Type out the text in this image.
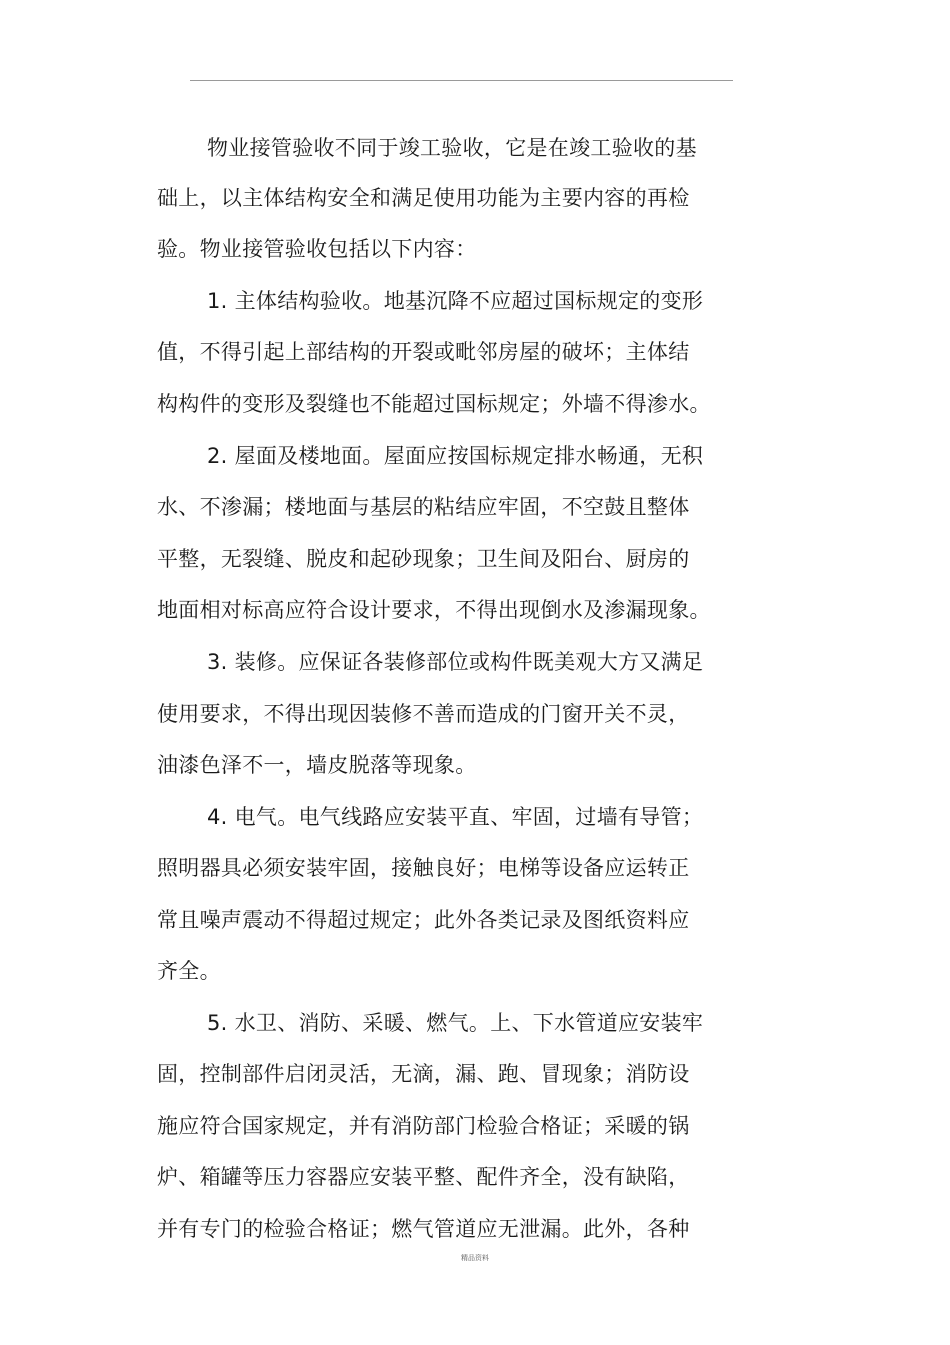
物业接管验收不同于竣工验收，它是在竣工验收的基
础上，以主体结构安全和满足使用功能为主要内容的再检
验。物业接管验收包括以下内容：
1. 主体结构验收。地基沉降不应超过国标规定的变形
值，不得引起上部结构的开裂或毗邻房屋的破坏；主体结
构构件的变形及裂缝也不能超过国标规定；外墙不得渗水。
2. 屋面及楼地面。屋面应按国标规定排水畅通，无积
水、不渗漏；楼地面与基层的粘结应牢固，不空鼓且整体
平整，无裂缝、脱皮和起砂现象；卫生间及阳台、厨房的
地面相对标高应符合设计要求，不得出现倒水及渗漏现象。
3. 装修。应保证各装修部位或构件既美观大方又满足
使用要求，不得出现因装修不善而造成的门窗开关不灵，
油漆色泽不一，墙皮脱落等现象。
4. 电气。电气线路应安装平直、牢固，过墙有导管；
照明器具必须安装牢固，接触良好；电梯等设备应运转正
常且噪声震动不得超过规定；此外各类记录及图纸资料应
齐全。
5. 水卫、消防、采暖、燃气。上、下水管道应安装牢
固，控制部件启闭灵活，无滴，漏、跑、冒现象；消防设
施应符合国家规定，并有消防部门检验合格证；采暖的锅
炉、箱罐等压力容器应安装平整、配件齐全，没有缺陷，
并有专门的检验合格证；燃气管道应无泄漏。此外，各种
精品资料
